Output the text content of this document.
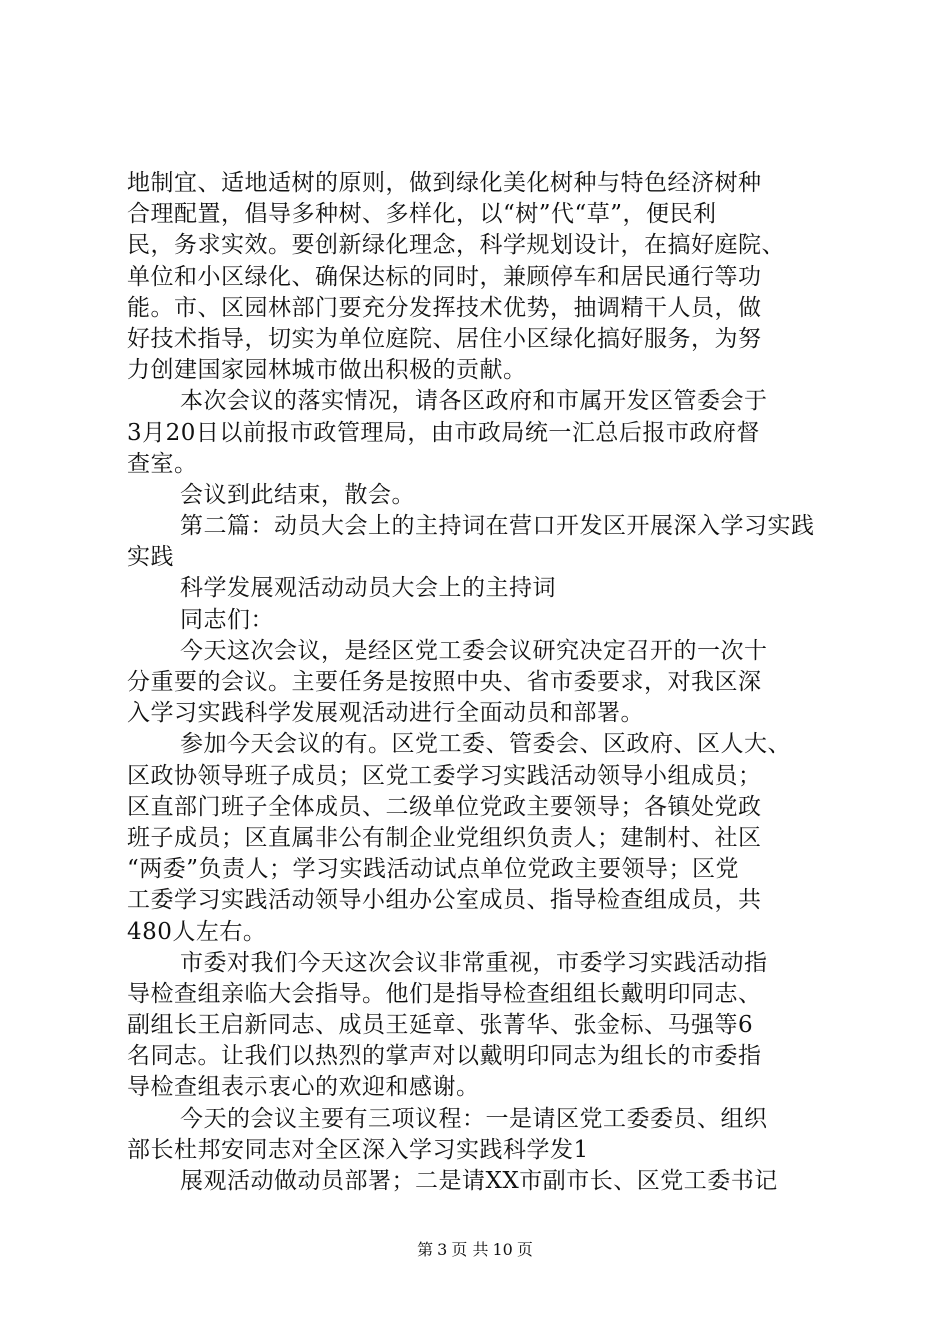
地制宜、适地适树的原则，做到绿化美化树种与特色经济树种
合理配置，倡导多种树、多样化，以“树”代“草”，便民利
民，务求实效。要创新绿化理念，科学规划设计，在搞好庭院、
单位和小区绿化、确保达标的同时，兼顾停车和居民通行等功
能。市、区园林部门要充分发挥技术优势，抽调精干人员，做
好技术指导，切实为单位庭院、居住小区绿化搞好服务，为努
力创建国家园林城市做出积极的贡献。
本次会议的落实情况，请各区政府和市属开发区管委会于
3月20日以前报市政管理局，由市政局统一汇总后报市政府督
查室。
会议到此结束，散会。
第二篇：动员大会上的主持词在营口开发区开展深入学习实践
实践
科学发展观活动动员大会上的主持词
同志们：
今天这次会议，是经区党工委会议研究决定召开的一次十
分重要的会议。主要任务是按照中央、省市委要求，对我区深
入学习实践科学发展观活动进行全面动员和部署。
参加今天会议的有。区党工委、管委会、区政府、区人大、
区政协领导班子成员；区党工委学习实践活动领导小组成员；
区直部门班子全体成员、二级单位党政主要领导；各镇处党政
班子成员；区直属非公有制企业党组织负责人；建制村、社区
“两委”负责人；学习实践活动试点单位党政主要领导；区党
工委学习实践活动领导小组办公室成员、指导检查组成员，共
480人左右。
市委对我们今天这次会议非常重视，市委学习实践活动指
导检查组亲临大会指导。他们是指导检查组组长戴明印同志、
副组长王启新同志、成员王延章、张菁华、张金标、马强等6
名同志。让我们以热烈的掌声对以戴明印同志为组长的市委指
导检查组表示衷心的欢迎和感谢。
今天的会议主要有三项议程：一是请区党工委委员、组织
部长杜邦安同志对全区深入学习实践科学发1
展观活动做动员部署；二是请XX市副市长、区党工委书记
第 3 页 共 10 页
